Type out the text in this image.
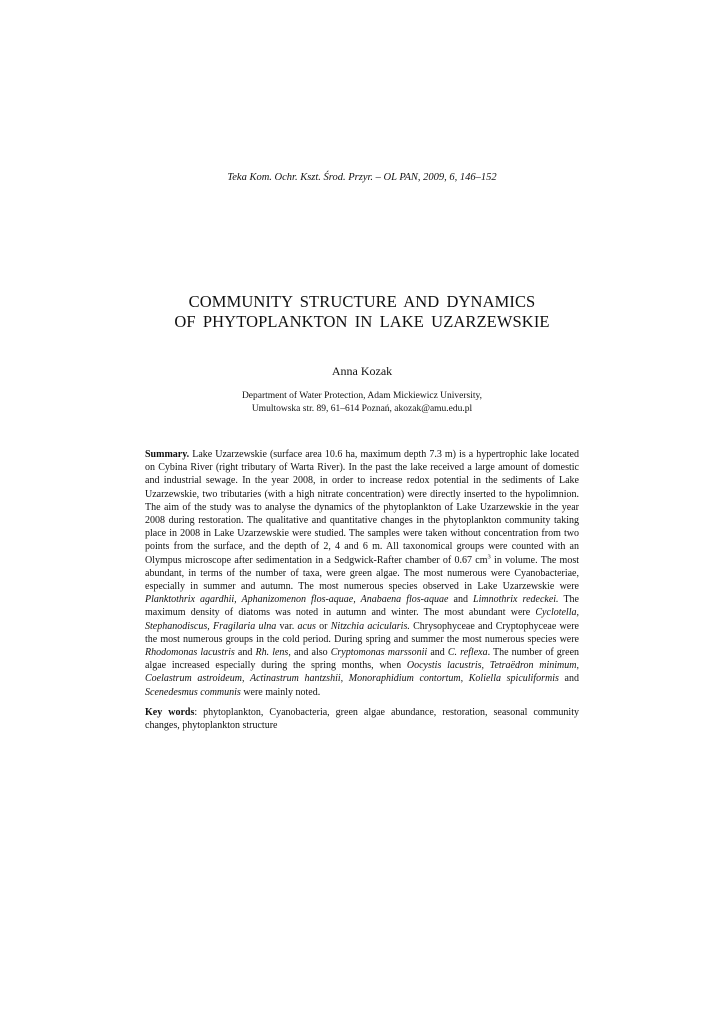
Teka Kom. Ochr. Kszt. Środ. Przyr. – OL PAN, 2009, 6, 146–152
COMMUNITY STRUCTURE AND DYNAMICS
OF PHYTOPLANKTON IN LAKE UZARZEWSKIE
Anna Kozak
Department of Water Protection, Adam Mickiewicz University,
Umultowska str. 89, 61–614 Poznań, akozak@amu.edu.pl

Summary. Lake Uzarzewskie (surface area 10.6 ha, maximum depth 7.3 m) is a hypertrophic lake located on Cybina River (right tributary of Warta River). In the past the lake received a large amount of domestic and industrial sewage. In the year 2008, in order to increase redox potential in the sediments of Lake Uzarzewskie, two tributaries (with a high nitrate concentration) were directly inserted to the hypolimnion. The aim of the study was to analyse the dynamics of the phytoplankton of Lake Uzarzewskie in the year 2008 during restoration. The qualitative and quantitative changes in the phytoplankton community taking place in 2008 in Lake Uzarzewskie were studied. The samples were taken without concentration from two points from the surface, and the depth of 2, 4 and 6 m. All taxonomical groups were counted with an Olympus microscope after sedimentation in a Sedgwick-Rafter chamber of 0.67 $cm^3$ in volume. The most abundant, in terms of the number of taxa, were green algae. The most numerous were Cyanobacteriae, especially in summer and autumn. The most numerous species observed in Lake Uzarzewskie were Planktothrix agardhii, Aphanizomenon flos-aquae, Anabaena flos-aquae and Limnothrix redeckei. The maximum density of diatoms was noted in autumn and winter. The most abundant were Cyclotella, Stephanodiscus, Fragilaria ulna var. acus or Nitzchia acicularis. Chrysophyceae and Cryptophyceae were the most numerous groups in the cold period. During spring and summer the most numerous species were Rhodomonas lacustris and Rh. lens, and also Cryptomonas marssonii and C. reflexa. The number of green algae increased especially during the spring months, when Oocystis lacustris, Tetraëdron minimum, Coelastrum astroideum, Actinastrum hantzshii, Monoraphidium contortum, Koliella spiculiformis and Scenedesmus communis were mainly noted.

Key words: phytoplankton, Cyanobacteria, green algae abundance, restoration, seasonal community changes, phytoplankton structure
